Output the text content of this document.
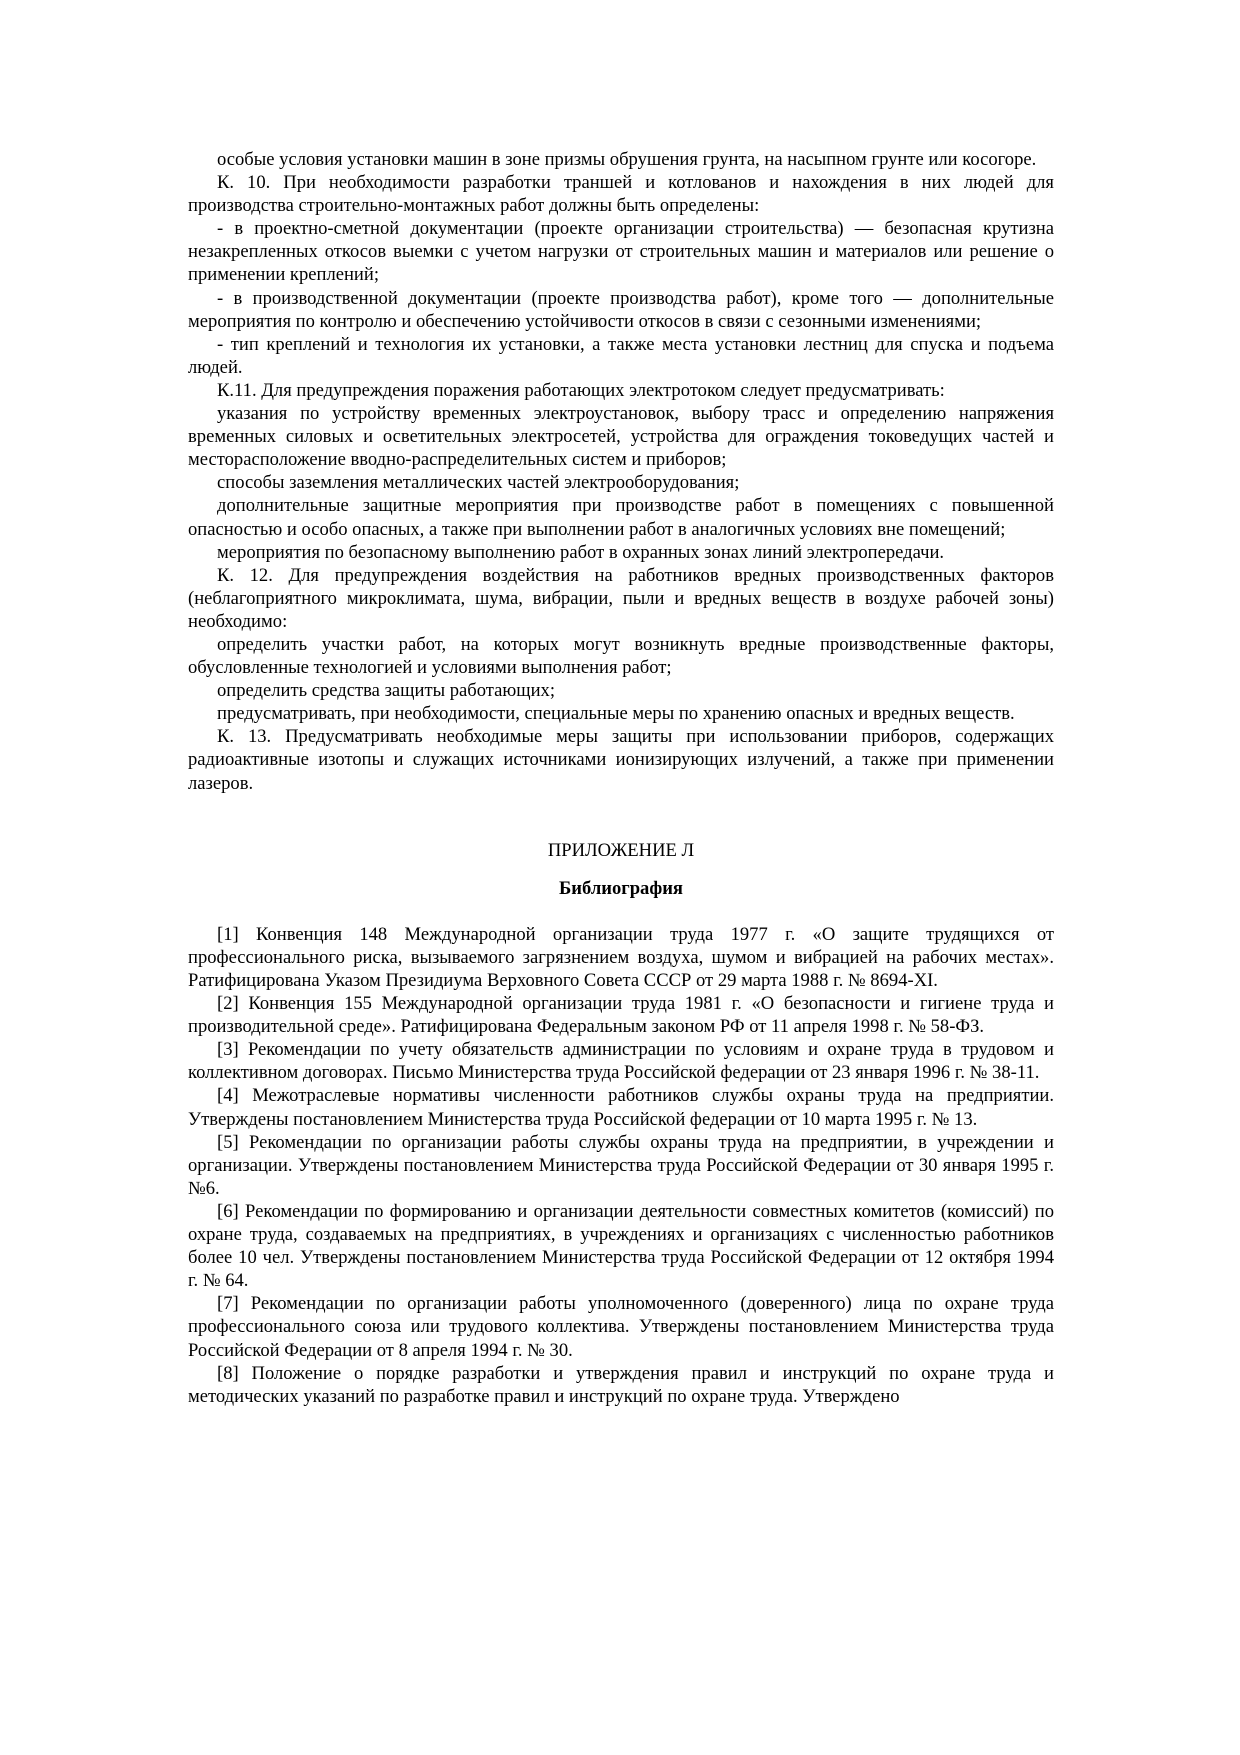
особые условия установки машин в зоне призмы обрушения грунта, на насыпном грунте или косогоре.

К. 10. При необходимости разработки траншей и котлованов и нахождения в них людей для производства строительно-монтажных работ должны быть определены:

- в проектно-сметной документации (проекте организации строительства) — безопасная крутизна незакрепленных откосов выемки с учетом нагрузки от строительных машин и материалов или решение о применении креплений;

- в производственной документации (проекте производства работ), кроме того — дополнительные мероприятия по контролю и обеспечению устойчивости откосов в связи с сезонными изменениями;

- тип креплений и технология их установки, а также места установки лестниц для спуска и подъема людей.

К.11. Для предупреждения поражения работающих электротоком следует предусматривать:

указания по устройству временных электроустановок, выбору трасс и определению напряжения временных силовых и осветительных электросетей, устройства для ограждения токоведущих частей и месторасположение вводно-распределительных систем и приборов;

способы заземления металлических частей электрооборудования;

дополнительные защитные мероприятия при производстве работ в помещениях с повышенной опасностью и особо опасных, а также при выполнении работ в аналогичных условиях вне помещений;

мероприятия по безопасному выполнению работ в охранных зонах линий электропередачи.

К. 12. Для предупреждения воздействия на работников вредных производственных факторов (неблагоприятного микроклимата, шума, вибрации, пыли и вредных веществ в воздухе рабочей зоны) необходимо:

определить участки работ, на которых могут возникнуть вредные производственные факторы, обусловленные технологией и условиями выполнения работ;

определить средства защиты работающих;

предусматривать, при необходимости, специальные меры по хранению опасных и вредных веществ.

К. 13. Предусматривать необходимые меры защиты при использовании приборов, содержащих радиоактивные изотопы и служащих источниками ионизирующих излучений, а также при применении лазеров.

ПРИЛОЖЕНИЕ Л
Библиография

[1] Конвенция 148 Международной организации труда 1977 г. «О защите трудящихся от профессионального риска, вызываемого загрязнением воздуха, шумом и вибрацией на рабочих местах». Ратифицирована Указом Президиума Верховного Совета СССР от 29 марта 1988 г. № 8694-XI.

[2] Конвенция 155 Международной организации труда 1981 г. «О безопасности и гигиене труда и производительной среде». Ратифицирована Федеральным законом РФ от 11 апреля 1998 г. № 58-ФЗ.

[3] Рекомендации по учету обязательств администрации по условиям и охране труда в трудовом и коллективном договорах. Письмо Министерства труда Российской федерации от 23 января 1996 г. № 38-11.

[4] Межотраслевые нормативы численности работников службы охраны труда на предприятии. Утверждены постановлением Министерства труда Российской федерации от 10 марта 1995 г. № 13.

[5] Рекомендации по организации работы службы охраны труда на предприятии, в учреждении и организации. Утверждены постановлением Министерства труда Российской Федерации от 30 января 1995 г. №6.

[6] Рекомендации по формированию и организации деятельности совместных комитетов (комиссий) по охране труда, создаваемых на предприятиях, в учреждениях и организациях с численностью работников более 10 чел. Утверждены постановлением Министерства труда Российской Федерации от 12 октября 1994 г. № 64.

[7] Рекомендации по организации работы уполномоченного (доверенного) лица по охране труда профессионального союза или трудового коллектива. Утверждены постановлением Министерства труда Российской Федерации от 8 апреля 1994 г. № 30.

[8] Положение о порядке разработки и утверждения правил и инструкций по охране труда и методических указаний по разработке правил и инструкций по охране труда. Утверждено
